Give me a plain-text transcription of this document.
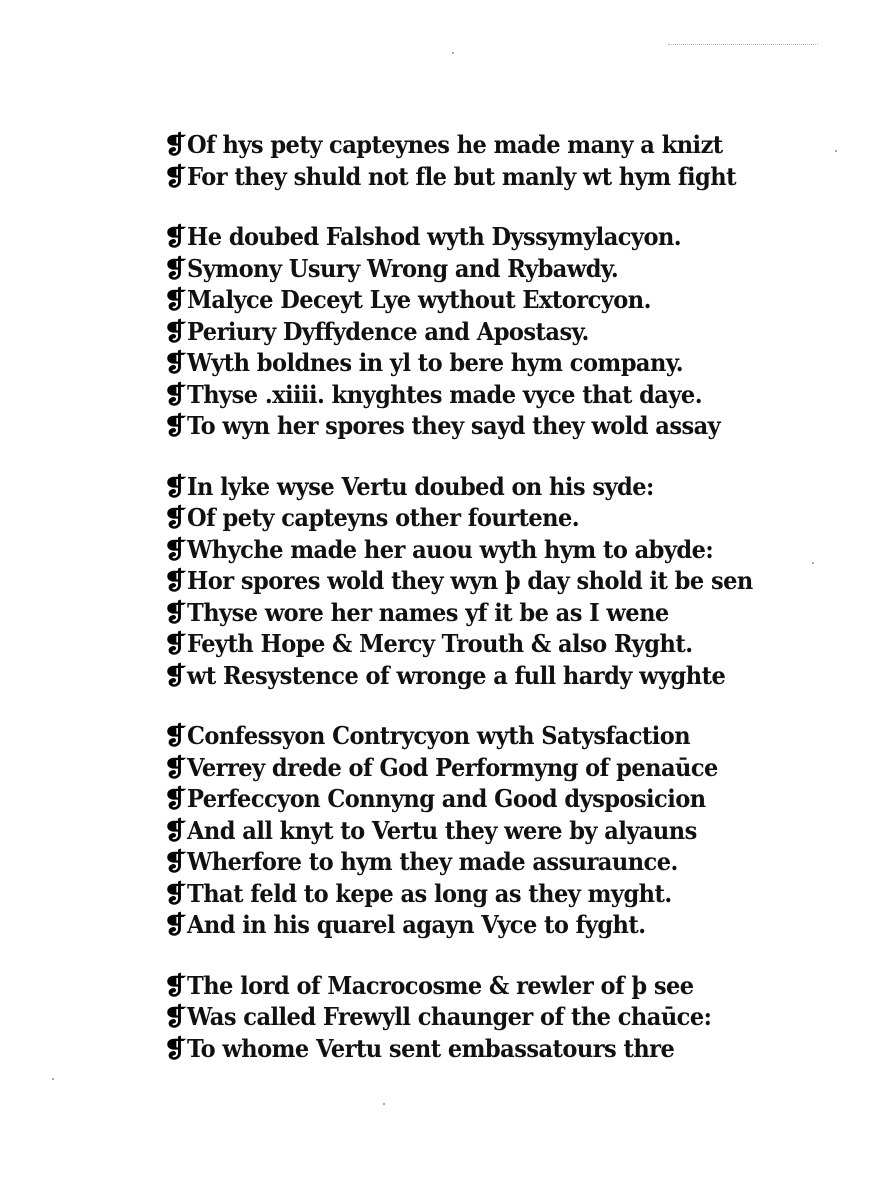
❡Of hys pety capteynes he made many a knizt
❡For they shuld not fle but manly wt hym fight
❡He doubed Falshod wyth Dyssymylacyon.
❡Symony Usury Wrong and Rybawdy.
❡Malyce Deceyt Lye wythout Extorcyon.
❡Periury Dyffydence and Apostasy.
❡Wyth boldnes in yl to bere hym company.
❡Thyse .xiiii. knyghtes made vyce that daye.
❡To wyn her spores they sayd they wold assay
❡In lyke wyse Vertu doubed on his syde:
❡Of pety capteyns other fourtene.
❡Whyche made her auou wyth hym to abyde:
❡Hor spores wold they wyn þ day shold it be sen
❡Thyse wore her names yf it be as I wene
❡Feyth Hope & Mercy Trouth & also Ryght.
❡wt Resystence of wronge a full hardy wyghte
❡Confessyon Contrycyon wyth Satysfaction
❡Verrey drede of God Performyng of penaūce
❡Perfeccyon Connyng and Good dysposicion
❡And all knyt to Vertu they were by alyauns
❡Wherfore to hym they made assuraunce.
❡That feld to kepe as long as they myght.
❡And in his quarel agayn Vyce to fyght.
❡The lord of Macrocosme & rewler of þ see
❡Was called Frewyll chaunger of the chaūce:
❡To whome Vertu sent embassatours thre
